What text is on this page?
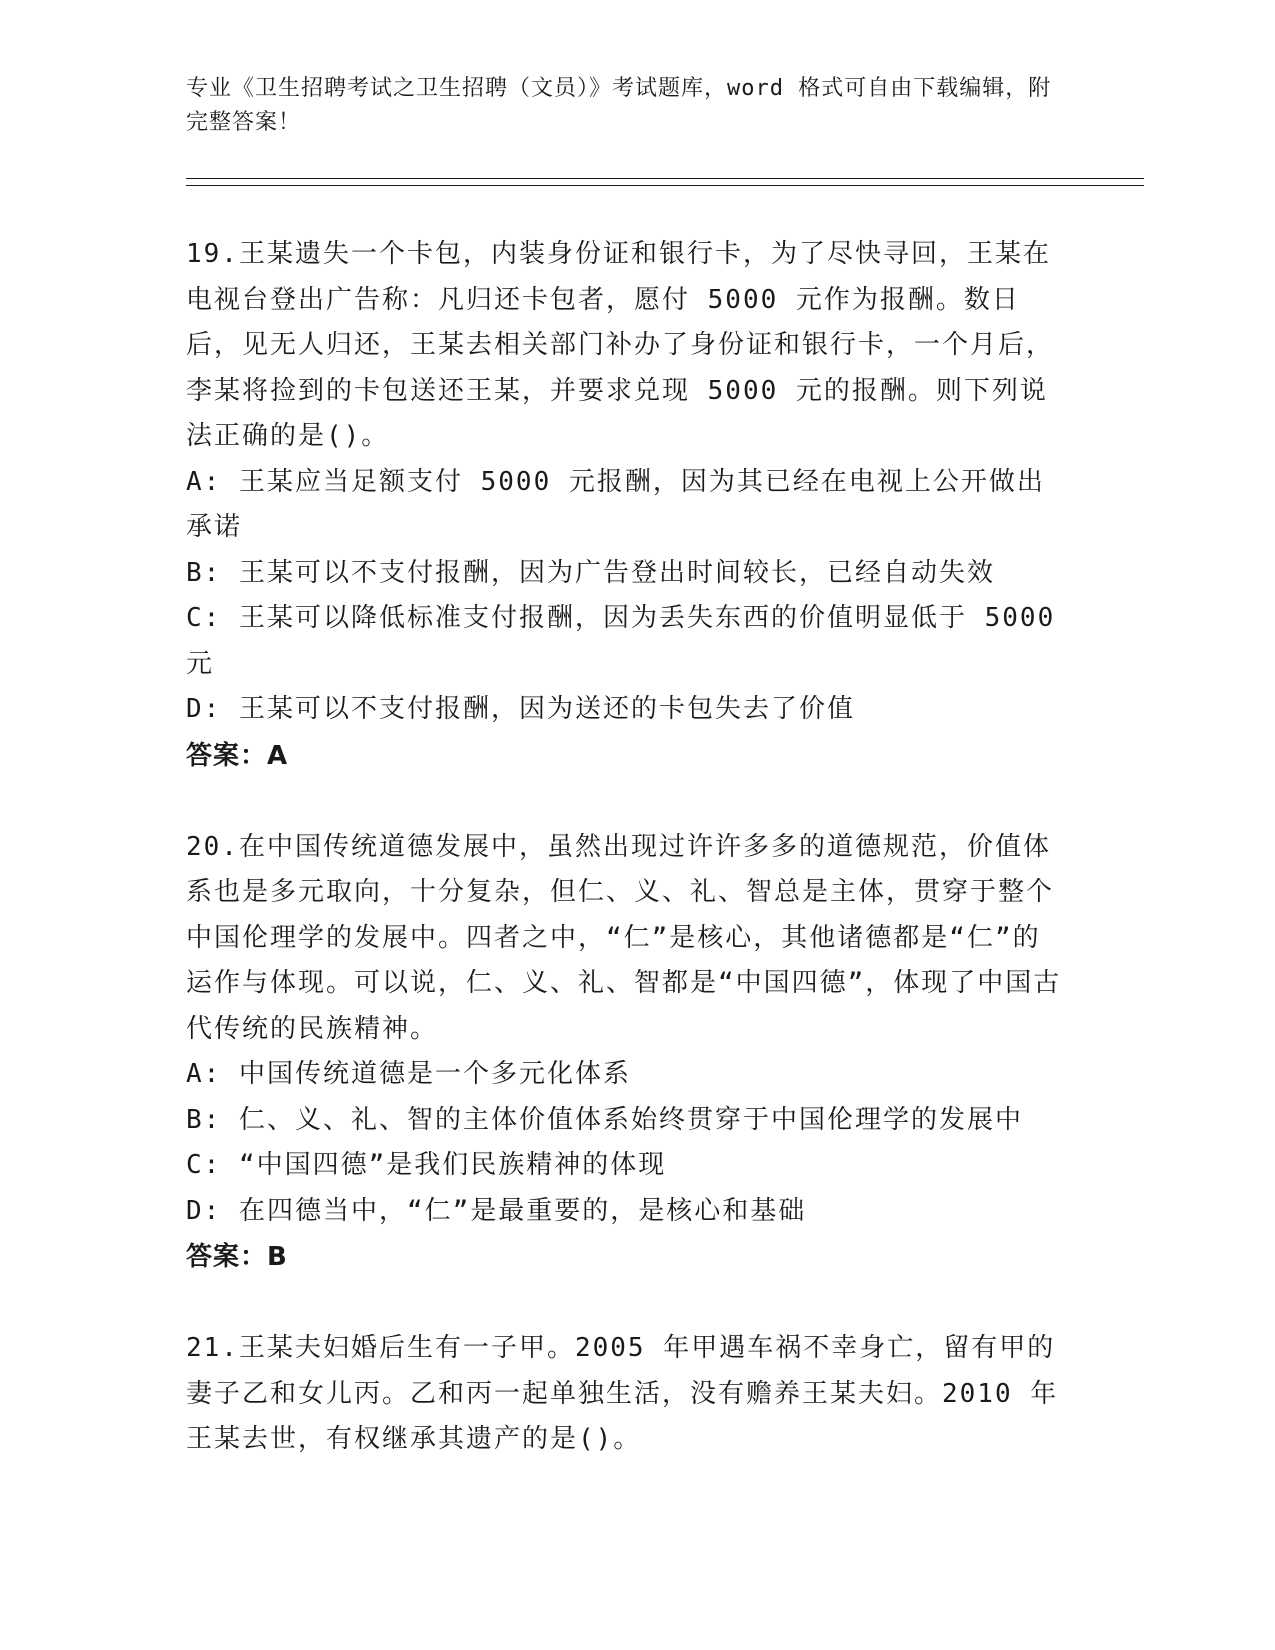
专业《卫生招聘考试之卫生招聘（文员）》考试题库，word 格式可自由下载编辑，附完整答案！
19.王某遗失一个卡包，内装身份证和银行卡，为了尽快寻回，王某在电视台登出广告称：凡归还卡包者，愿付 5000 元作为报酬。数日后，见无人归还，王某去相关部门补办了身份证和银行卡，一个月后，李某将捡到的卡包送还王某，并要求兑现 5000 元的报酬。则下列说法正确的是()。
A: 王某应当足额支付 5000 元报酬，因为其已经在电视上公开做出承诺
B: 王某可以不支付报酬，因为广告登出时间较长，已经自动失效
C: 王某可以降低标准支付报酬，因为丢失东西的价值明显低于 5000 元
D: 王某可以不支付报酬，因为送还的卡包失去了价值
答案：A
20.在中国传统道德发展中，虽然出现过许许多多的道德规范，价值体系也是多元取向，十分复杂，但仁、义、礼、智总是主体，贯穿于整个中国伦理学的发展中。四者之中，“仁”是核心，其他诸德都是“仁”的运作与体现。可以说，仁、义、礼、智都是“中国四德”，体现了中国古代传统的民族精神。
A: 中国传统道德是一个多元化体系
B: 仁、义、礼、智的主体价值体系始终贯穿于中国伦理学的发展中
C: “中国四德”是我们民族精神的体现
D: 在四德当中，“仁”是最重要的，是核心和基础
答案：B
21.王某夫妇婚后生有一子甲。2005 年甲遇车祸不幸身亡，留有甲的妻子乙和女儿丙。乙和丙一起单独生活，没有赡养王某夫妇。2010 年王某去世，有权继承其遗产的是()。
